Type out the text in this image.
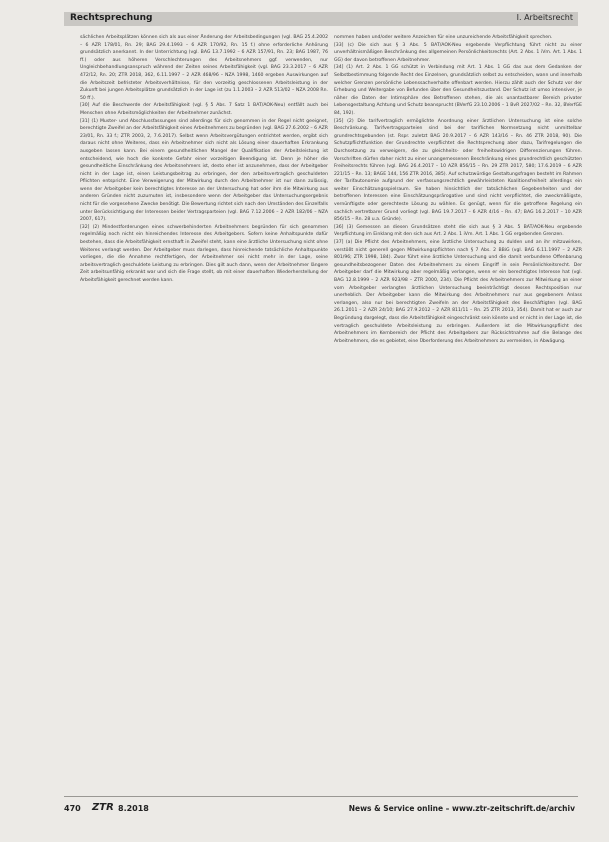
Rechtsprechung	I. Arbeitsrecht

sächlichen Arbeitsplätzen können sich als aus einer Änderung der Arbeitsbedingungen (vgl. BAG 25.4.2002 – 6 AZR 178/01, Rn. 29; BAG 29.4.1993 – 6 AZR 170/92, Rn. 15 f.) ohne erforderliche Anhörung grundsätzlich anerkannt. In der Unterrichtung (vgl. BAG 13.7.1992 – 6 AZR 157/91, Rn. 23; BAG 1987, 76 ff.) oder aus höheren Verschlechterungen des Arbeitsnehmers ggf. verwenden, nur Ungleichbehandlungsanspruch während der Zeiten seines Arbeitsfähigkeit (vgl. BAG 23.3.2017 – 6 AZR 472/12, Rn. 20; ZTR 2018, 362, 6.11.1997 – 2 AZR 468/96 – NZA 1998, 1460 ergeben Auswirkungen auf die Arbeitszeit befristeter Arbeitsverhältnisse, für den vorzeitig geschlossenen Arbeitsleistung in der Zukunft bei jungen Arbeitsplätze grundsätzlich in der Lage ist (zu 1.1.2003 – 2 AZR 513/02 – NZA 2008 Rn. 50 ff.).

[30] Auf die Beschwerde der Arbeitsfähigkeit (vgl. § 5 Abs. 7 Satz 1 BAT/AOK-Neu) entfällt auch bei Menschen ohne Arbeitsmöglichkeiten der Arbeitnehmer zunächst.

[31] (1) Muster- und Abschlussfassungen sind allerdings für sich genommen in der Regel nicht geeignet, berechtigte Zweifel an der Arbeitsfähigkeit eines Arbeitnehmers zu begründen (vgl. BAG 27.6.2002 – 6 AZR 23/01, Rn. 33 f.; ZTR 2003, 2, 7.6.2017). Selbst wenn Arbeitsvergütungen entrichtet werden, ergibt sich daraus nicht ohne Weiteres, dass ein Arbeitnehmer sich nicht als Lösung einer dauerhaften Erkrankung ausgeben lassen kann. Bei einem gesundheitlichen Mangel der Qualifikation der Arbeitsleistung ist entscheidend, wie hoch die konkrete Gefahr einer vorzeitigen Beendigung ist. Denn je höher die gesundheitliche Einschränkung des Arbeitsnehmers ist, desto eher ist anzunehmen, dass der Arbeitgeber nicht in der Lage ist, einen Leistungsbeitrag zu erbringen, der den arbeitsvertraglich geschuldeten Pflichten entspricht. Eine Verweigerung der Mitwirkung durch den Arbeitnehmer ist nur dann zulässig, wenn der Arbeitgeber kein berechtigtes Interesse an der Untersuchung hat oder ihm die Mitwirkung aus anderen Gründen nicht zuzumuten ist, insbesondere wenn der Arbeitgeber das Untersuchungsergebnis nicht für die vorgesehene Zwecke benötigt. Die Bewertung richtet sich nach den Umständen des Einzelfalls unter Berücksichtigung der Interessen beider Vertragsparteien (vgl. BAG 7.12.2006 – 2 AZR 182/06 – NZA 2007, 617).

[32] (2) Mindestforderungen eines schwerbehinderten Arbeitnehmers begründen für sich genommen regelmäßig noch nicht ein hinreichendes Interesse des Arbeitgebers. Sofern keine Anhaltspunkte dafür bestehen, dass die Arbeitsfähigkeit ernsthaft in Zweifel steht, kann eine ärztliche Untersuchung nicht ohne Weiteres verlangt werden. Der Arbeitgeber muss darlegen, dass hinreichende tatsächliche Anhaltspunkte vorliegen, die die Annahme rechtfertigen, der Arbeitnehmer sei nicht mehr in der Lage, seine arbeitsvertraglich geschuldete Leistung zu erbringen. Dies gilt auch dann, wenn der Arbeitnehmer längere Zeit arbeitsunfähig erkrankt war und sich die Frage stellt, ob mit einer dauerhaften Wiederherstellung der Arbeitsfähigkeit gerechnet werden kann.

nommen haben und/oder weitere Anzeichen für eine unzureichende Arbeitsfähigkeit sprechen.

[33] (c) Die sich aus § 3 Abs. 5 BAT/AOK-Neu ergebende Verpflichtung führt nicht zu einer unverhältnismäßigen Beschränkung des allgemeinen Persönlichkeitsrechts (Art. 2 Abs. 1 iVm. Art. 1 Abs. 1 GG) der davon betroffenen Arbeitnehmer.

[34] (1) Art. 2 Abs. 1 GG schützt in Verbindung mit Art. 1 Abs. 1 GG das aus dem Gedanken der Selbstbestimmung folgende Recht des Einzelnen, grundsätzlich selbst zu entscheiden, wann und innerhalb welcher Grenzen persönliche Lebenssachverhalte offenbart werden. Hierzu zählt auch der Schutz vor der Erhebung und Weitergabe von Befunden über den Gesundheitszustand. Der Schutz ist umso intensiver, je näher die Daten der Intimsphäre des Betroffenen stehen, die als unantastbarer Bereich privater Lebensgestaltung Achtung und Schutz beansprucht (BVerfG 23.10.2006 – 1 BvR 2027/02 – Rn. 32, BVerfGE 84, 192).

[35] (2) Die tarifvertraglich ermöglichte Anordnung einer ärztlichen Untersuchung ist eine solche Beschränkung. Tarifvertragsparteien sind bei der tariflichen Normsetzung nicht unmittelbar grundrechtsgebunden (st. Rspr. zuletzt BAG 20.9.2017 – 6 AZR 143/16 – Rn. 46 ZTR 2018, 90). Die Schutzpflichtfunktion der Grundrechte verpflichtet die Rechtsprechung aber dazu, Tarifregelungen die Durchsetzung zu verweigern, die zu gleichheits- oder freiheitswidrigen Differenzierungen führen. Vorschriften dürfen daher nicht zu einer unangemessenen Beschränkung eines grundrechtlich geschützten Freiheitsrechts führen (vgl. BAG 26.4.2017 – 10 AZR 856/15 – Rn. 29 ZTR 2017, 580; 17.6.2019 – 6 AZR 221/15 – Rn. 13; BAGE 144, 156 ZTR 2016, 385). Auf schutzwürdige Gestaltungsfragen besteht im Rahmen der Tarifautonomie aufgrund der verfassungsrechtlich gewährleisteten Koalitionsfreiheit allerdings ein weiter Einschätzungsspielraum. Sie haben hinsichtlich der tatsächlichen Gegebenheiten und der betroffenen Interessen eine Einschätzungsprärogative und sind nicht verpflichtet, die zweckmäßigste, vernünftigste oder gerechteste Lösung zu wählen. Es genügt, wenn für die getroffene Regelung ein sachlich vertretbarer Grund vorliegt (vgl. BAG 19.7.2017 – 6 AZR 4/16 – Rn. 47; BAG 16.2.2017 – 10 AZR 856/15 – Rn. 28 u.a. Gründe).

[36] (3) Gemessen an diesen Grundsätzen steht die sich aus § 3 Abs. 5 BAT/AOK-Neu ergebende Verpflichtung im Einklang mit den sich aus Art. 2 Abs. 1 iVm. Art. 1 Abs. 1 GG ergebenden Grenzen.

[37] (a) Die Pflicht des Arbeitnehmers, eine ärztliche Untersuchung zu dulden und an ihr mitzuwirken, verstößt nicht generell gegen Mitwirkungspflichten nach § 7 Abs. 2 BBiG (vgl. BAG 6.11.1997 – 2 AZR 801/96; ZTR 1998, 184). Zwar führt eine ärztliche Untersuchung und die damit verbundene Offenbarung gesundheitsbezogener Daten des Arbeitnehmers zu einem Eingriff in sein Persönlichkeitsrecht. Der Arbeitgeber darf die Mitwirkung aber regelmäßig verlangen, wenn er ein berechtigtes Interesse hat (vgl. BAG 12.8.1999 – 2 AZR 923/98 – ZTR 2000, 234). Die Pflicht des Arbeitnehmers zur Mitwirkung an einer vom Arbeitgeber verlangten ärztlichen Untersuchung beeinträchtigt dessen Rechtsposition nur unerheblich. Der Arbeitgeber kann die Mitwirkung des Arbeitnehmers nur aus gegebenem Anlass verlangen, also nur bei berechtigten Zweifeln an der Arbeitsfähigkeit des Beschäftigten (vgl. BAG 26.1.2011 – 2 AZR 24/10; BAG 27.9.2012 – 2 AZR 811/11 – Rn. 25 ZTR 2013, 354). Damit hat er auch zur Begründung dargelegt, dass die Arbeitsfähigkeit eingeschränkt sein könnte und er nicht in der Lage ist, die vertraglich geschuldete Arbeitsleistung zu erbringen. Außerdem ist die Mitwirkungspflicht des Arbeitnehmers im Kernbereich der Pflicht des Arbeitgebers zur Rücksichtnahme auf die Belange des Arbeitnehmers, die es gebietet, eine Überforderung des Arbeitnehmers zu vermeiden, in Abwägung.

470 ZTR 8.2018	News & Service online – www.ztr-zeitschrift.de/archiv
